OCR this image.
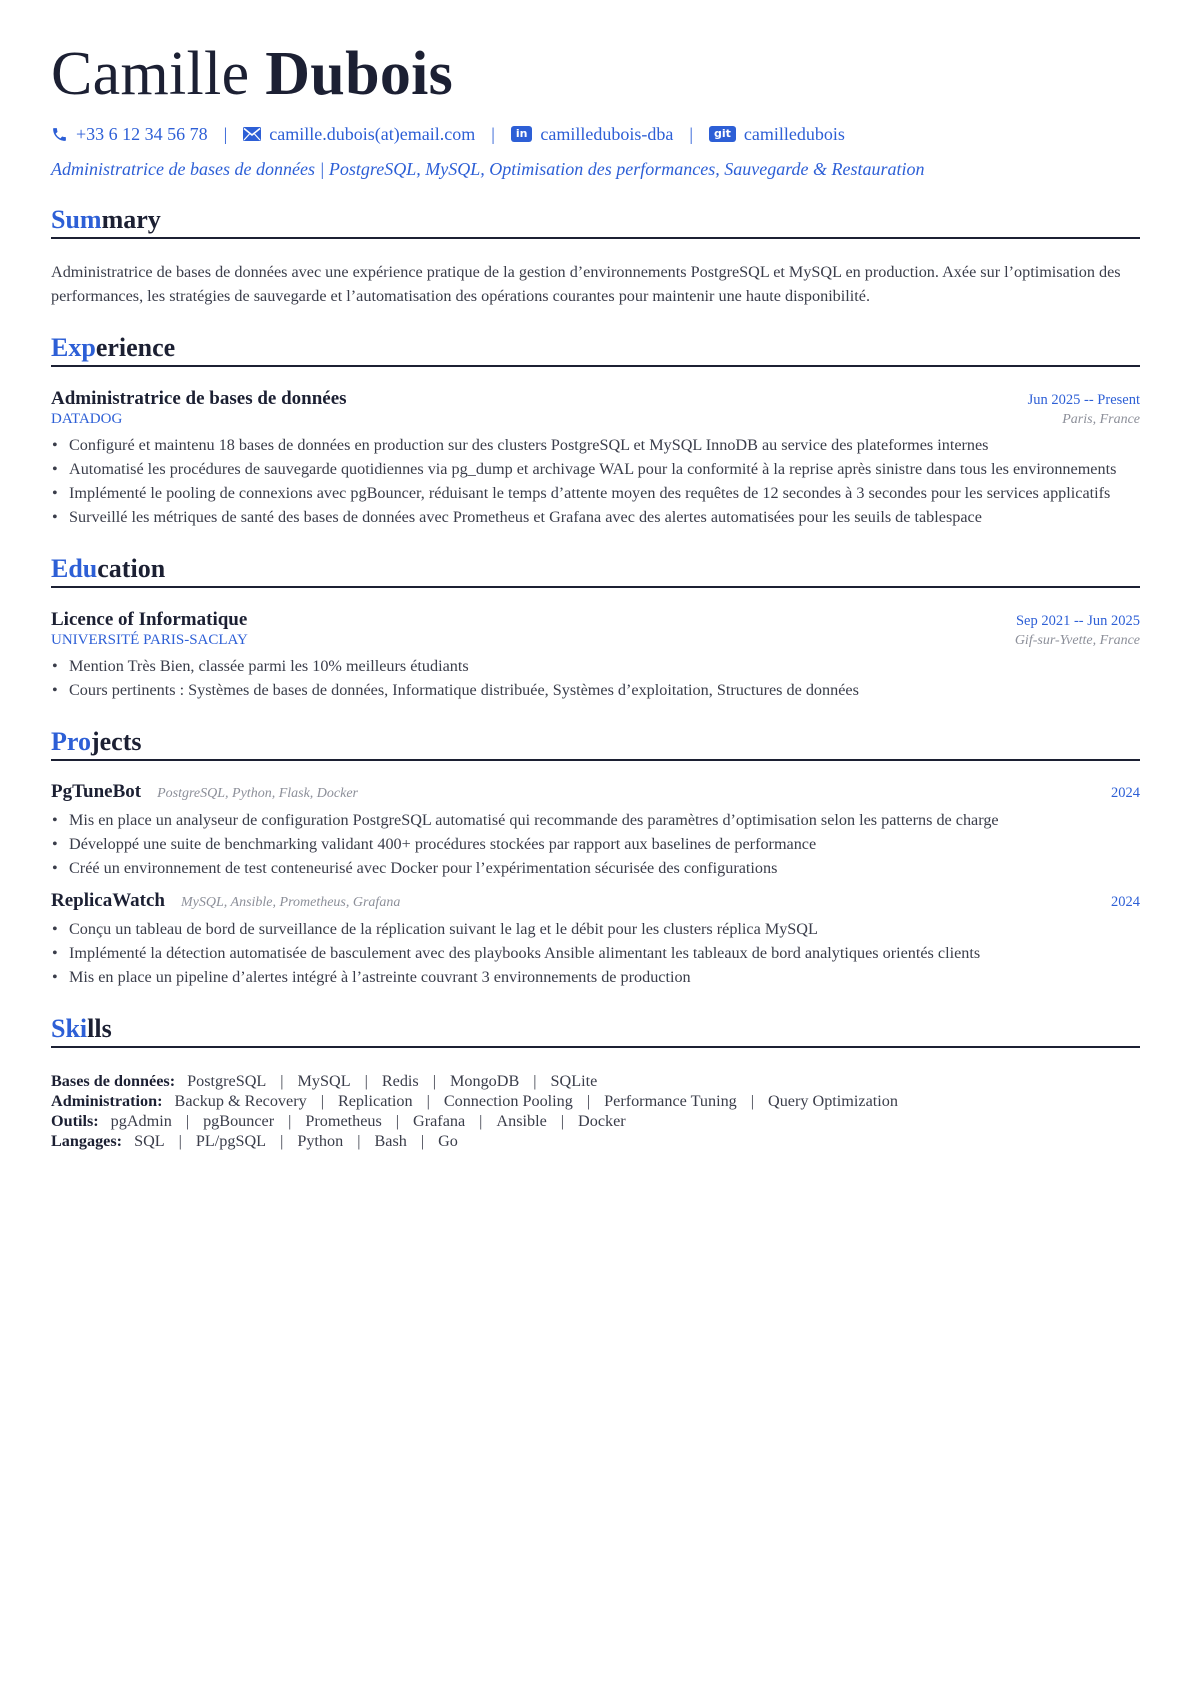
Camille Dubois
+33 6 12 34 56 78 | camille.dubois(at)email.com |	in camilledubois-dba |	git camilledubois
Administratrice de bases de données | PostgreSQL, MySQL, Optimisation des performances, Sauvegarde & Restauration
Summary
Administratrice de bases de données avec une expérience pratique de la gestion d’environnements PostgreSQL et MySQL en production. Axée sur l’optimisation des performances, les stratégies de sauvegarde et l’automatisation des opérations courantes pour maintenir une haute disponibilité.
Experience
Administratrice de bases de données	Jun 2025 -- Present
DATADOG	Paris, France
• Configuré et maintenu 18 bases de données en production sur des clusters PostgreSQL et MySQL InnoDB au service des plateformes internes
• Automatisé les procédures de sauvegarde quotidiennes via pg_dump et archivage WAL pour la conformité à la reprise après sinistre dans tous les environnements
• Implémenté le pooling de connexions avec pgBouncer, réduisant le temps d’attente moyen des requêtes de 12 secondes à 3 secondes pour les services applicatifs
• Surveillé les métriques de santé des bases de données avec Prometheus et Grafana avec des alertes automatisées pour les seuils de tablespace
Education
Licence of Informatique	Sep 2021 -- Jun 2025
UNIVERSITÉ PARIS-SACLAY	Gif-sur-Yvette, France
• Mention Très Bien, classée parmi les 10% meilleurs étudiants
• Cours pertinents : Systèmes de bases de données, Informatique distribuée, Systèmes d’exploitation, Structures de données
Projects
PgTuneBot PostgreSQL, Python, Flask, Docker	2024
• Mis en place un analyseur de configuration PostgreSQL automatisé qui recommande des paramètres d’optimisation selon les patterns de charge
• Développé une suite de benchmarking validant 400+ procédures stockées par rapport aux baselines de performance
• Créé un environnement de test conteneurisé avec Docker pour l’expérimentation sécurisée des configurations
ReplicaWatch MySQL, Ansible, Prometheus, Grafana	2024
• Conçu un tableau de bord de surveillance de la réplication suivant le lag et le débit pour les clusters réplica MySQL
• Implémenté la détection automatisée de basculement avec des playbooks Ansible alimentant les tableaux de bord analytiques orientés clients
• Mis en place un pipeline d’alertes intégré à l’astreinte couvrant 3 environnements de production
Skills
Bases de données: PostgreSQL | MySQL | Redis | MongoDB | SQLite
Administration: Backup & Recovery | Replication | Connection Pooling | Performance Tuning | Query Optimization
Outils: pgAdmin | pgBouncer | Prometheus | Grafana | Ansible | Docker
Langages: SQL | PL/pgSQL | Python | Bash | Go
